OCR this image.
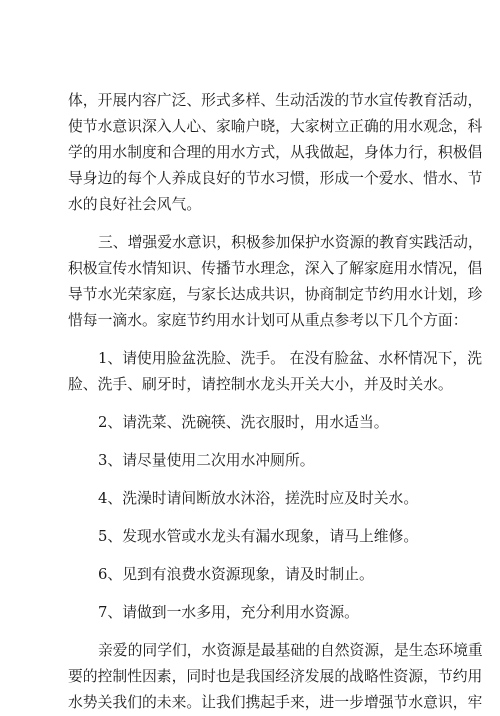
体，开展内容广泛、形式多样、生动活泼的节水宣传教育活动，
使节水意识深入人心、家喻户晓，大家树立正确的用水观念，科
学的用水制度和合理的用水方式，从我做起，身体力行，积极倡
导身边的每个人养成良好的节水习惯，形成一个爱水、惜水、节
水的良好社会风气。
三、增强爱水意识，积极参加保护水资源的教育实践活动，
积极宣传水情知识、传播节水理念，深入了解家庭用水情况，倡
导节水光荣家庭，与家长达成共识，协商制定节约用水计划，珍
惜每一滴水。家庭节约用水计划可从重点参考以下几个方面：
1、请使用脸盆洗脸、洗手。 在没有脸盆、水杯情况下，洗
脸、洗手、刷牙时，请控制水龙头开关大小，并及时关水。
2、请洗菜、洗碗筷、洗衣服时，用水适当。
3、请尽量使用二次用水冲厕所。
4、洗澡时请间断放水沐浴，搓洗时应及时关水。
5、发现水管或水龙头有漏水现象，请马上维修。
6、见到有浪费水资源现象，请及时制止。
7、请做到一水多用，充分利用水资源。
亲爱的同学们，水资源是最基础的自然资源，是生态环境重
要的控制性因素，同时也是我国经济发展的战略性资源，节约用
水势关我们的未来。让我们携起手来，进一步增强节水意识，牢
